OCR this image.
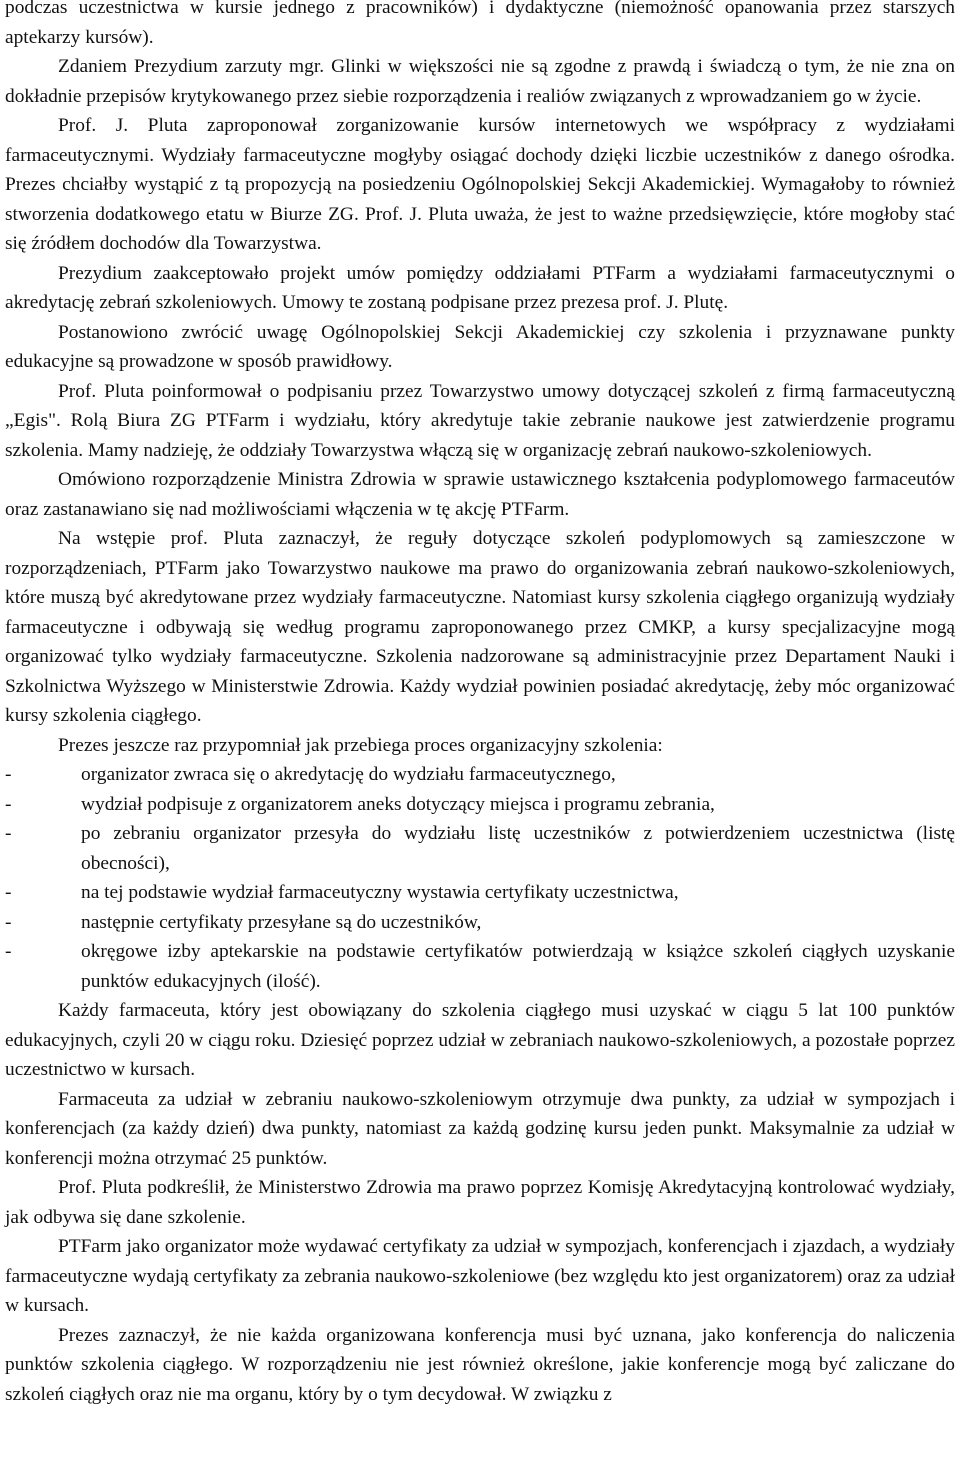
podczas uczestnictwa w kursie jednego z pracowników) i dydaktyczne (niemożność opanowania przez starszych aptekarzy kursów).

Zdaniem Prezydium zarzuty mgr. Glinki w większości nie są zgodne z prawdą i świadczą o tym, że nie zna on dokładnie przepisów krytykowanego przez siebie rozporządzenia i realiów związanych z wprowadzaniem go w życie.

Prof. J. Pluta zaproponował zorganizowanie kursów internetowych we współpracy z wydziałami farmaceutycznymi. Wydziały farmaceutyczne mogłyby osiągać dochody dzięki liczbie uczestników z danego ośrodka. Prezes chciałby wystąpić z tą propozycją na posiedzeniu Ogólnopolskiej Sekcji Akademickiej. Wymagałoby to również stworzenia dodatkowego etatu w Biurze ZG. Prof. J. Pluta uważa, że jest to ważne przedsięwzięcie, które mogłoby stać się źródłem dochodów dla Towarzystwa.

Prezydium zaakceptowało projekt umów pomiędzy oddziałami PTFarm a wydziałami farmaceutycznymi o akredytację zebrań szkoleniowych. Umowy te zostaną podpisane przez prezesa prof. J. Plutę.

Postanowiono zwrócić uwagę Ogólnopolskiej Sekcji Akademickiej czy szkolenia i przyznawane punkty edukacyjne są prowadzone w sposób prawidłowy.

Prof. Pluta poinformował o podpisaniu przez Towarzystwo umowy dotyczącej szkoleń z firmą farmaceutyczną „Egis". Rolą Biura ZG PTFarm i wydziału, który akredytuje takie zebranie naukowe jest zatwierdzenie programu szkolenia. Mamy nadzieję, że oddziały Towarzystwa włączą się w organizację zebrań naukowo-szkoleniowych.

Omówiono rozporządzenie Ministra Zdrowia w sprawie ustawicznego kształcenia podyplomowego farmaceutów oraz zastanawiano się nad możliwościami włączenia w tę akcję PTFarm.

Na wstępie prof. Pluta zaznaczył, że reguły dotyczące szkoleń podyplomowych są zamieszczone w rozporządzeniach, PTFarm jako Towarzystwo naukowe ma prawo do organizowania zebrań naukowo-szkoleniowych, które muszą być akredytowane przez wydziały farmaceutyczne. Natomiast kursy szkolenia ciągłego organizują wydziały farmaceutyczne i odbywają się według programu zaproponowanego przez CMKP, a kursy specjalizacyjne mogą organizować tylko wydziały farmaceutyczne. Szkolenia nadzorowane są administracyjnie przez Departament Nauki i Szkolnictwa Wyższego w Ministerstwie Zdrowia. Każdy wydział powinien posiadać akredytację, żeby móc organizować kursy szkolenia ciągłego.

Prezes jeszcze raz przypomniał jak przebiega proces organizacyjny szkolenia:

-	organizator zwraca się o akredytację do wydziału farmaceutycznego,
-	wydział podpisuje z organizatorem aneks dotyczący miejsca i programu zebrania,
-	po zebraniu organizator przesyła do wydziału listę uczestników z potwierdzeniem uczestnictwa (listę obecności),
-	na tej podstawie wydział farmaceutyczny wystawia certyfikaty uczestnictwa,
-	następnie certyfikaty przesyłane są do uczestników,
-	okręgowe izby aptekarskie na podstawie certyfikatów potwierdzają w książce szkoleń ciągłych uzyskanie punktów edukacyjnych (ilość).

Każdy farmaceuta, który jest obowiązany do szkolenia ciągłego musi uzyskać w ciągu 5 lat 100 punktów edukacyjnych, czyli 20 w ciągu roku. Dziesięć poprzez udział w zebraniach naukowo-szkoleniowych, a pozostałe poprzez uczestnictwo w kursach.

Farmaceuta za udział w zebraniu naukowo-szkoleniowym otrzymuje dwa punkty, za udział w sympozjach i konferencjach (za każdy dzień) dwa punkty, natomiast za każdą godzinę kursu jeden punkt. Maksymalnie za udział w konferencji można otrzymać 25 punktów.

Prof. Pluta podkreślił, że Ministerstwo Zdrowia ma prawo poprzez Komisję Akredytacyjną kontrolować wydziały, jak odbywa się dane szkolenie.

PTFarm jako organizator może wydawać certyfikaty za udział w sympozjach, konferencjach i zjazdach, a wydziały farmaceutyczne wydają certyfikaty za zebrania naukowo-szkoleniowe (bez względu kto jest organizatorem) oraz za udział w kursach.

Prezes zaznaczył, że nie każda organizowana konferencja musi być uznana, jako konferencja do naliczenia punktów szkolenia ciągłego. W rozporządzeniu nie jest również określone, jakie konferencje mogą być zaliczane do szkoleń ciągłych oraz nie ma organu, który by o tym decydował. W związku z
